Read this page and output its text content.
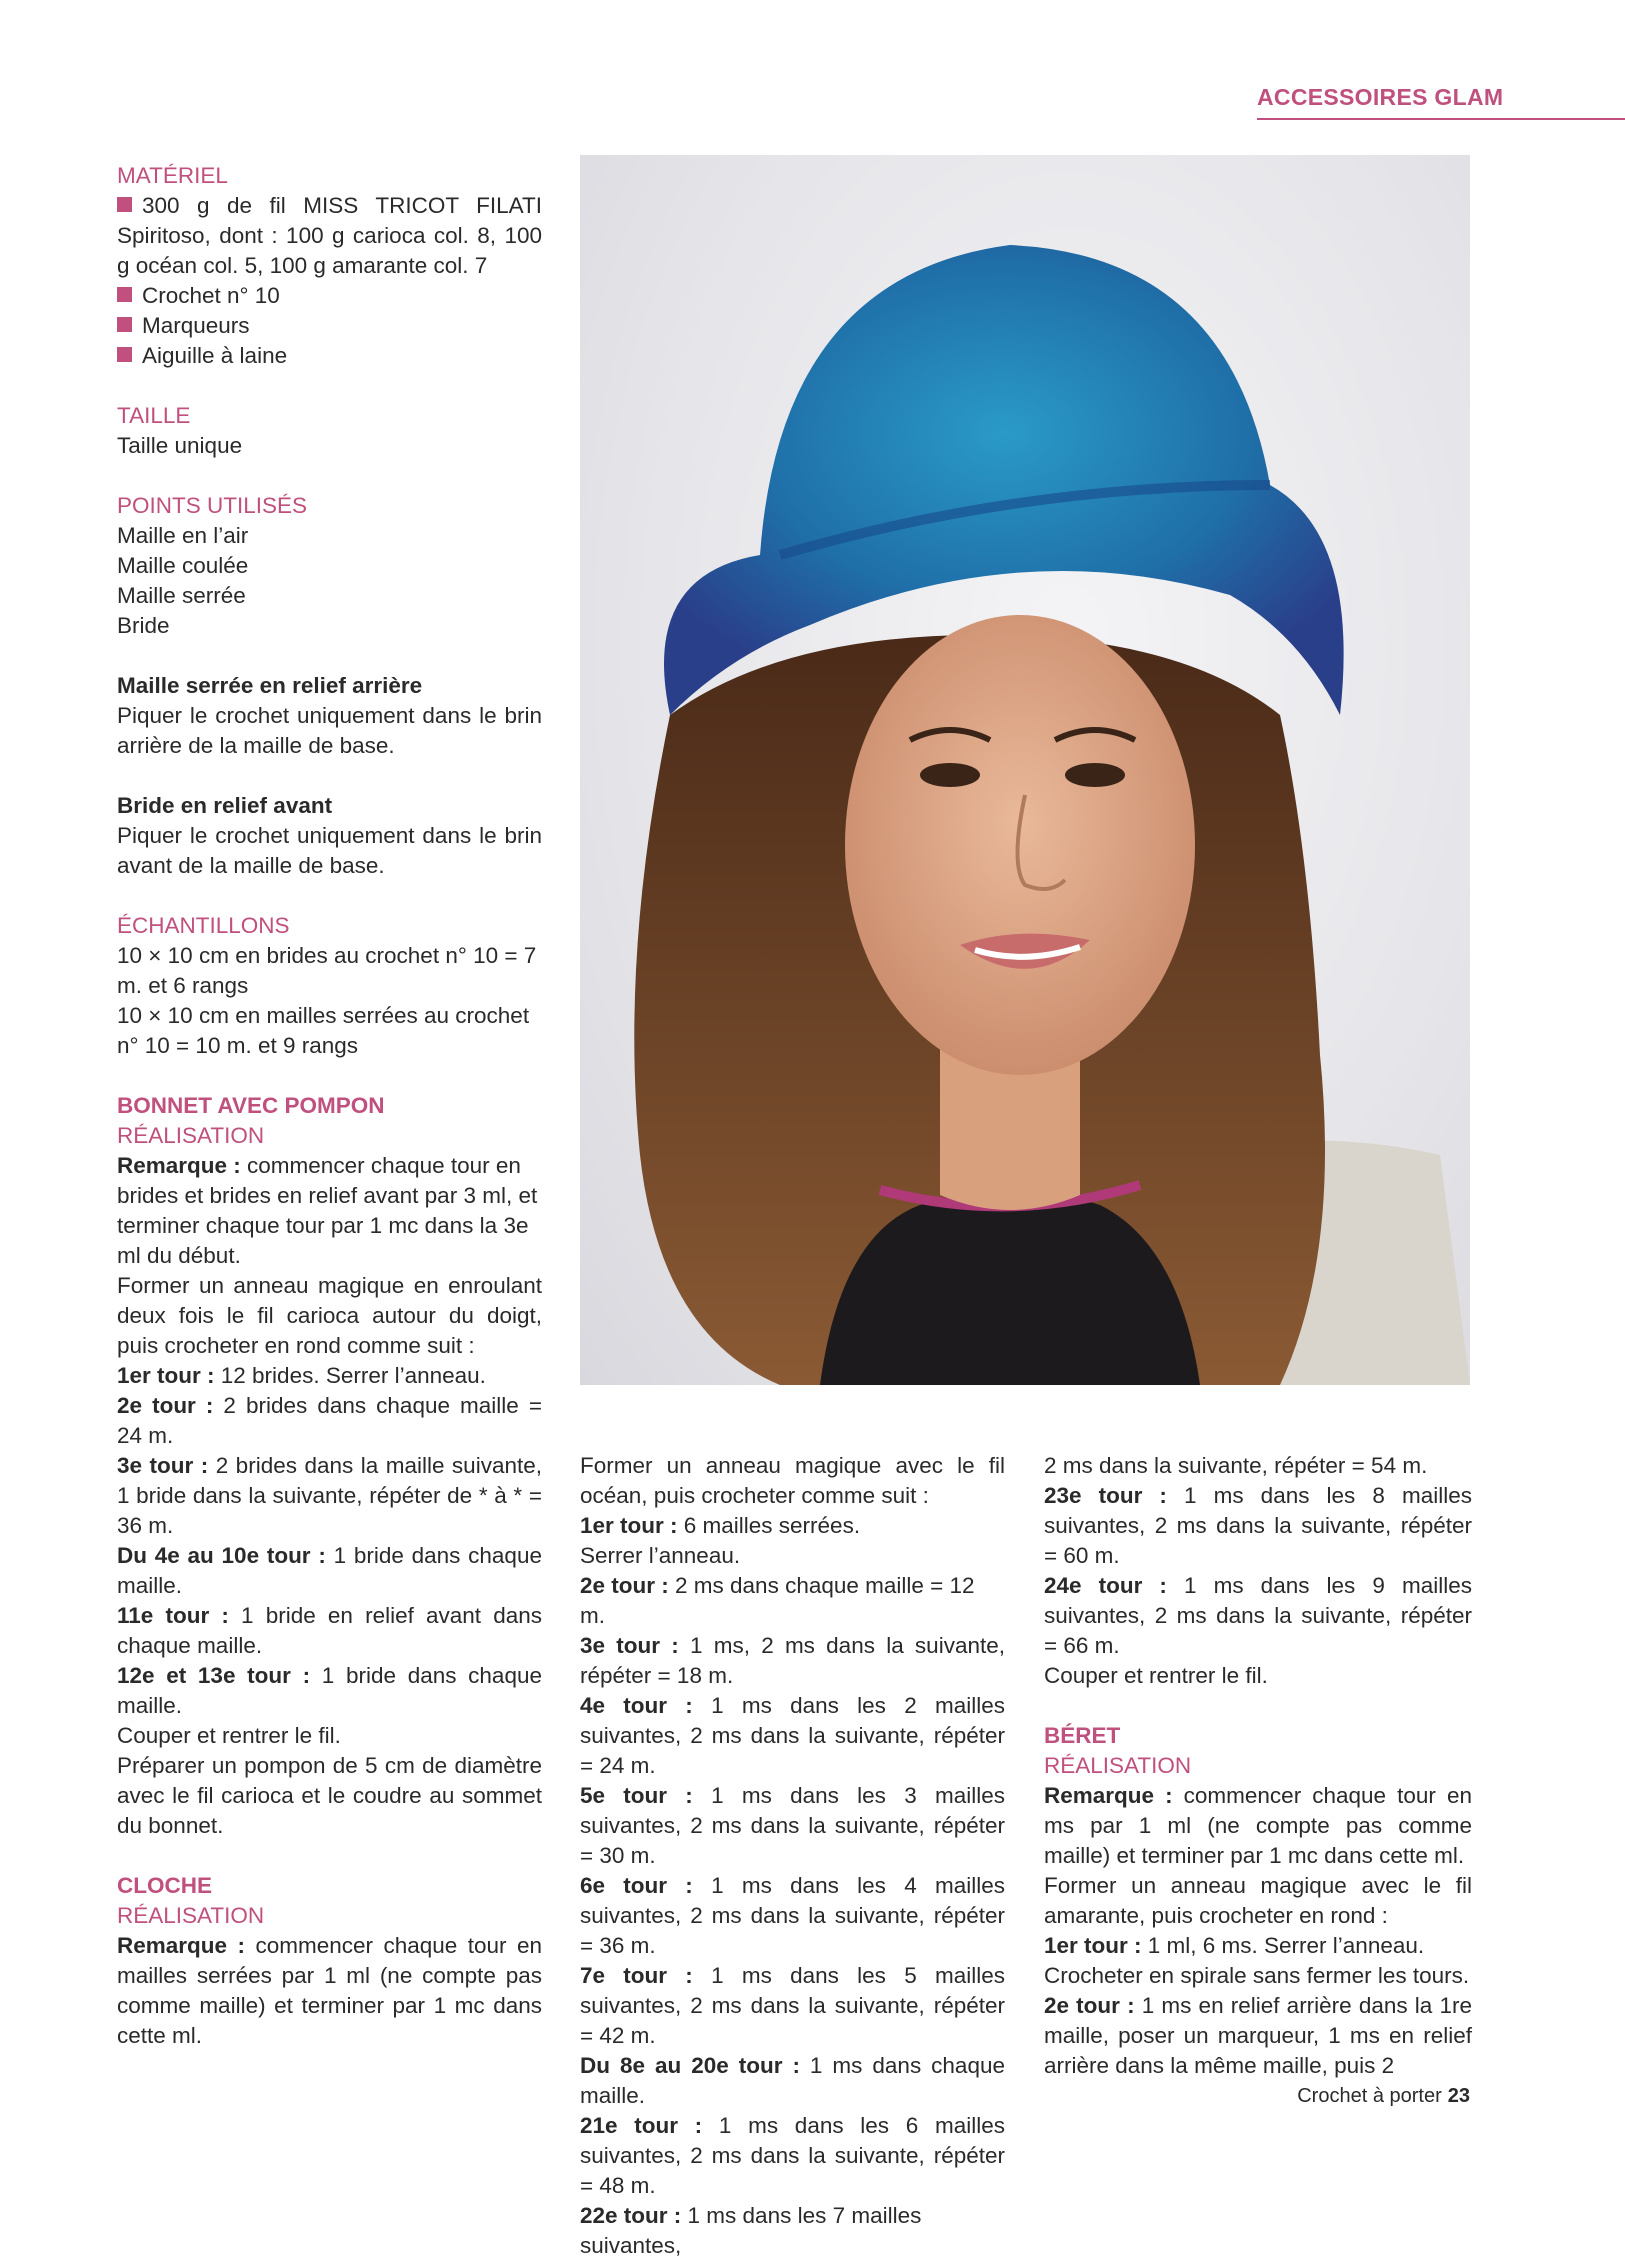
ACCESSOIRES GLAM

MATÉRIEL

300 g de fil MISS TRICOT FILATI Spiritoso, dont : 100 g carioca col. 8, 100 g océan col. 5, 100 g amarante col. 7

Crochet n° 10

Marqueurs

Aiguille à laine

TAILLE

Taille unique

POINTS UTILISÉS

Maille en l’air

Maille coulée

Maille serrée

Bride

Maille serrée en relief arrière

Piquer le crochet uniquement dans le brin arrière de la maille de base.

Bride en relief avant

Piquer le crochet uniquement dans le brin avant de la maille de base.

ÉCHANTILLONS

10 × 10 cm en brides au crochet n° 10 = 7 m. et 6 rangs

10 × 10 cm en mailles serrées au crochet n° 10 = 10 m. et 9 rangs

BONNET AVEC POMPON

RÉALISATION

Remarque : commencer chaque tour en brides et brides en relief avant par 3 ml, et terminer chaque tour par 1 mc dans la 3e ml du début.

Former un anneau magique en enroulant deux fois le fil carioca autour du doigt, puis crocheter en rond comme suit :

1er tour : 12 brides. Serrer l’anneau.

2e tour : 2 brides dans chaque maille = 24 m.

3e tour : 2 brides dans la maille suivante, 1 bride dans la suivante, répéter de * à * = 36 m.

Du 4e au 10e tour : 1 bride dans chaque maille.

11e tour : 1 bride en relief avant dans chaque maille.

12e et 13e tour : 1 bride dans chaque maille.

Couper et rentrer le fil.

Préparer un pompon de 5 cm de diamètre avec le fil carioca et le coudre au sommet du bonnet.

CLOCHE

RÉALISATION

Remarque : commencer chaque tour en mailles serrées par 1 ml (ne compte pas comme maille) et terminer par 1 mc dans cette ml.

Former un anneau magique avec le fil océan, puis crocheter comme suit :

1er tour : 6 mailles serrées.

Serrer l’anneau.

2e tour : 2 ms dans chaque maille = 12 m.

3e tour : 1 ms, 2 ms dans la suivante, répéter = 18 m.

4e tour : 1 ms dans les 2 mailles suivantes, 2 ms dans la suivante, répéter = 24 m.

5e tour : 1 ms dans les 3 mailles suivantes, 2 ms dans la suivante, répéter = 30 m.

6e tour : 1 ms dans les 4 mailles suivantes, 2 ms dans la suivante, répéter = 36 m.

7e tour : 1 ms dans les 5 mailles suivantes, 2 ms dans la suivante, répéter = 42 m.

Du 8e au 20e tour : 1 ms dans chaque maille.

21e tour : 1 ms dans les 6 mailles suivantes, 2 ms dans la suivante, répéter = 48 m.

22e tour : 1 ms dans les 7 mailles suivantes,

2 ms dans la suivante, répéter = 54 m.

23e tour : 1 ms dans les 8 mailles suivantes, 2 ms dans la suivante, répéter = 60 m.

24e tour : 1 ms dans les 9 mailles suivantes, 2 ms dans la suivante, répéter = 66 m.

Couper et rentrer le fil.

BÉRET

RÉALISATION

Remarque : commencer chaque tour en ms par 1 ml (ne compte pas comme maille) et terminer par 1 mc dans cette ml.

Former un anneau magique avec le fil amarante, puis crocheter en rond :

1er tour : 1 ml, 6 ms. Serrer l’anneau.

Crocheter en spirale sans fermer les tours.

2e tour : 1 ms en relief arrière dans la 1re maille, poser un marqueur, 1 ms en relief arrière dans la même maille, puis 2

Crochet à porter 23
